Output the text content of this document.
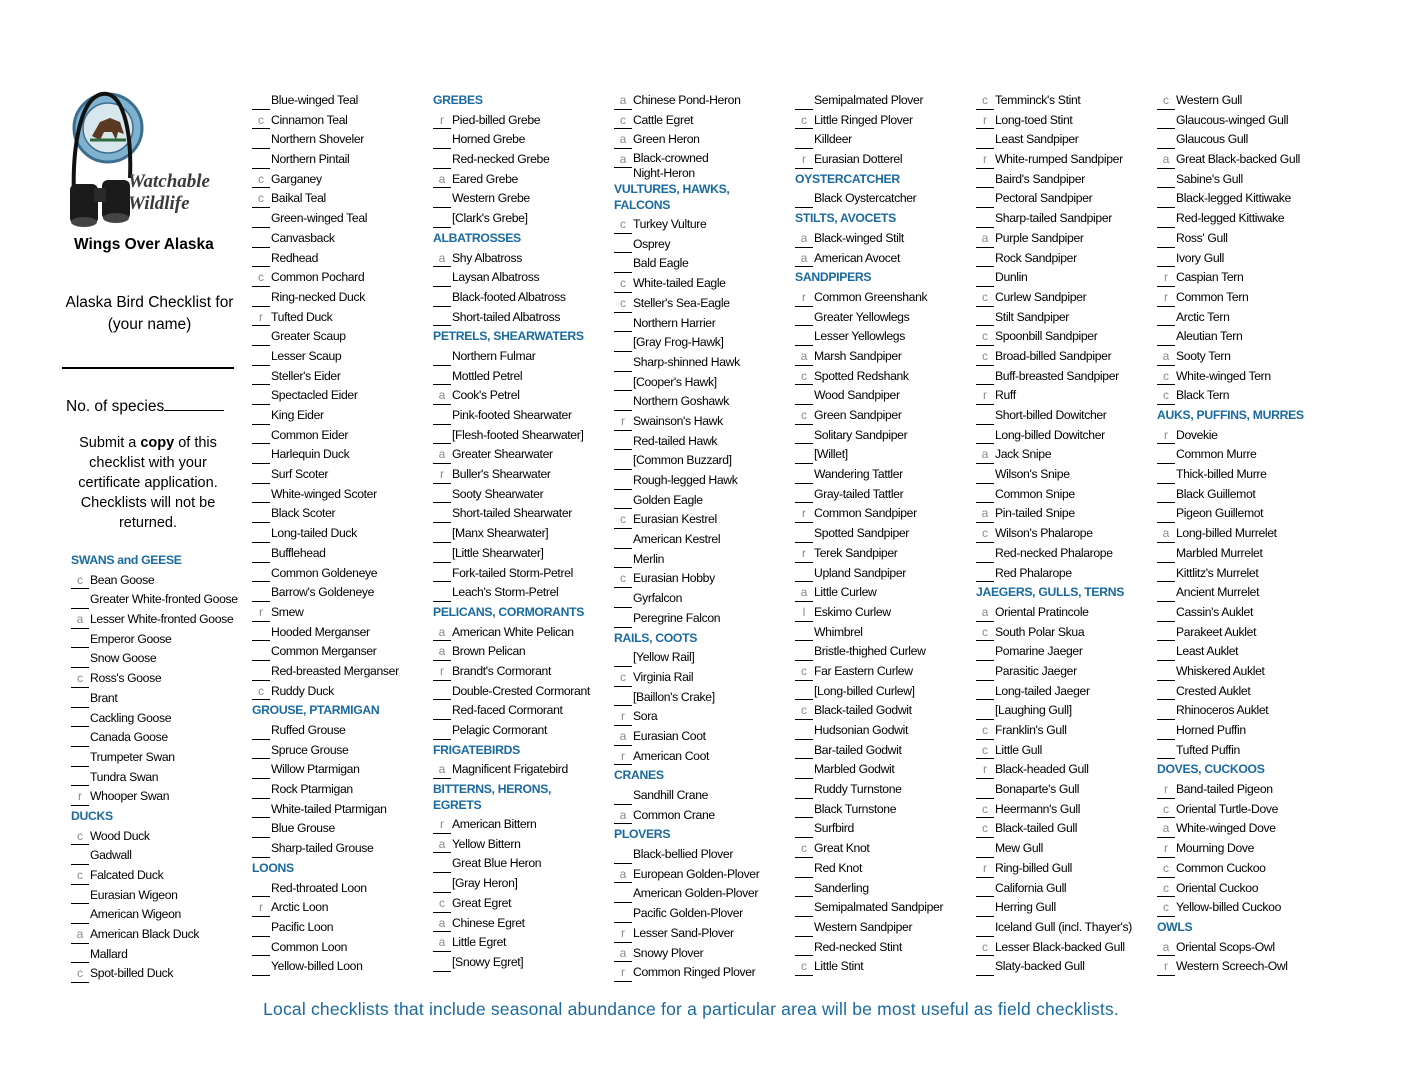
Watchable Wildlife
Wings Over Alaska
Alaska Bird Checklist for (your name)
No. of species
Submit a copy of this checklist with your certificate application. Checklists will not be returned.
SWANS and GEESE
c Bean Goose
Greater White-fronted Goose
a Lesser White-fronted Goose
Emperor Goose
Snow Goose
c Ross's Goose
Brant
Cackling Goose
Canada Goose
Trumpeter Swan
Tundra Swan
r Whooper Swan
DUCKS
c Wood Duck
Gadwall
c Falcated Duck
Eurasian Wigeon
American Wigeon
a American Black Duck
Mallard
c Spot-billed Duck
Blue-winged Teal
c Cinnamon Teal
Northern Shoveler
Northern Pintail
c Garganey
c Baikal Teal
Green-winged Teal
Canvasback
Redhead
c Common Pochard
Ring-necked Duck
r Tufted Duck
Greater Scaup
Lesser Scaup
Steller's Eider
Spectacled Eider
King Eider
Common Eider
Harlequin Duck
Surf Scoter
White-winged Scoter
Black Scoter
Long-tailed Duck
Bufflehead
Common Goldeneye
Barrow's Goldeneye
r Smew
Hooded Merganser
Common Merganser
Red-breasted Merganser
c Ruddy Duck
GROUSE, PTARMIGAN
Ruffed Grouse
Spruce Grouse
Willow Ptarmigan
Rock Ptarmigan
White-tailed Ptarmigan
Blue Grouse
Sharp-tailed Grouse
LOONS
Red-throated Loon
r Arctic Loon
Pacific Loon
Common Loon
Yellow-billed Loon
GREBES
r Pied-billed Grebe
Horned Grebe
Red-necked Grebe
a Eared Grebe
Western Grebe
[Clark's Grebe]
ALBATROSSES
a Shy Albatross
Laysan Albatross
Black-footed Albatross
Short-tailed Albatross
PETRELS, SHEARWATERS
Northern Fulmar
Mottled Petrel
a Cook's Petrel
Pink-footed Shearwater
[Flesh-footed Shearwater]
a Greater Shearwater
r Buller's Shearwater
Sooty Shearwater
Short-tailed Shearwater
[Manx Shearwater]
[Little Shearwater]
Fork-tailed Storm-Petrel
Leach's Storm-Petrel
PELICANS, CORMORANTS
a American White Pelican
a Brown Pelican
r Brandt's Cormorant
Double-Crested Cormorant
Red-faced Cormorant
Pelagic Cormorant
FRIGATEBIRDS
a Magnificent Frigatebird
BITTERNS, HERONS,
EGRETS
r American Bittern
a Yellow Bittern
Great Blue Heron
[Gray Heron]
c Great Egret
a Chinese Egret
a Little Egret
[Snowy Egret]
a Chinese Pond-Heron
c Cattle Egret
a Green Heron
a Black-crowned
Night-Heron
VULTURES, HAWKS,
FALCONS
c Turkey Vulture
Osprey
Bald Eagle
c White-tailed Eagle
c Steller's Sea-Eagle
Northern Harrier
[Gray Frog-Hawk]
Sharp-shinned Hawk
[Cooper's Hawk]
Northern Goshawk
r Swainson's Hawk
Red-tailed Hawk
[Common Buzzard]
Rough-legged Hawk
Golden Eagle
c Eurasian Kestrel
American Kestrel
Merlin
c Eurasian Hobby
Gyrfalcon
Peregrine Falcon
RAILS, COOTS
[Yellow Rail]
c Virginia Rail
[Baillon's Crake]
r Sora
a Eurasian Coot
r American Coot
CRANES
Sandhill Crane
a Common Crane
PLOVERS
Black-bellied Plover
a European Golden-Plover
American Golden-Plover
Pacific Golden-Plover
r Lesser Sand-Plover
a Snowy Plover
r Common Ringed Plover
Semipalmated Plover
c Little Ringed Plover
Killdeer
r Eurasian Dotterel
OYSTERCATCHER
Black Oystercatcher
STILTS, AVOCETS
a Black-winged Stilt
a American Avocet
SANDPIPERS
r Common Greenshank
Greater Yellowlegs
Lesser Yellowlegs
a Marsh Sandpiper
c Spotted Redshank
Wood Sandpiper
c Green Sandpiper
Solitary Sandpiper
[Willet]
Wandering Tattler
Gray-tailed Tattler
r Common Sandpiper
Spotted Sandpiper
r Terek Sandpiper
Upland Sandpiper
a Little Curlew
l Eskimo Curlew
Whimbrel
Bristle-thighed Curlew
c Far Eastern Curlew
[Long-billed Curlew]
c Black-tailed Godwit
Hudsonian Godwit
Bar-tailed Godwit
Marbled Godwit
Ruddy Turnstone
Black Turnstone
Surfbird
c Great Knot
Red Knot
Sanderling
Semipalmated Sandpiper
Western Sandpiper
Red-necked Stint
c Little Stint
c Temminck's Stint
r Long-toed Stint
Least Sandpiper
r White-rumped Sandpiper
Baird's Sandpiper
Pectoral Sandpiper
Sharp-tailed Sandpiper
a Purple Sandpiper
Rock Sandpiper
Dunlin
c Curlew Sandpiper
Stilt Sandpiper
c Spoonbill Sandpiper
c Broad-billed Sandpiper
Buff-breasted Sandpiper
r Ruff
Short-billed Dowitcher
Long-billed Dowitcher
a Jack Snipe
Wilson's Snipe
Common Snipe
a Pin-tailed Snipe
c Wilson's Phalarope
Red-necked Phalarope
Red Phalarope
JAEGERS, GULLS, TERNS
a Oriental Pratincole
c South Polar Skua
Pomarine Jaeger
Parasitic Jaeger
Long-tailed Jaeger
[Laughing Gull]
c Franklin's Gull
c Little Gull
r Black-headed Gull
Bonaparte's Gull
c Heermann's Gull
c Black-tailed Gull
Mew Gull
r Ring-billed Gull
California Gull
Herring Gull
Iceland Gull (incl. Thayer's)
c Lesser Black-backed Gull
Slaty-backed Gull
c Western Gull
Glaucous-winged Gull
Glaucous Gull
a Great Black-backed Gull
Sabine's Gull
Black-legged Kittiwake
Red-legged Kittiwake
Ross' Gull
Ivory Gull
r Caspian Tern
r Common Tern
Arctic Tern
Aleutian Tern
a Sooty Tern
c White-winged Tern
c Black Tern
AUKS, PUFFINS, MURRES
r Dovekie
Common Murre
Thick-billed Murre
Black Guillemot
Pigeon Guillemot
a Long-billed Murrelet
Marbled Murrelet
Kittlitz's Murrelet
Ancient Murrelet
Cassin's Auklet
Parakeet Auklet
Least Auklet
Whiskered Auklet
Crested Auklet
Rhinoceros Auklet
Horned Puffin
Tufted Puffin
DOVES, CUCKOOS
r Band-tailed Pigeon
c Oriental Turtle-Dove
a White-winged Dove
r Mourning Dove
c Common Cuckoo
c Oriental Cuckoo
c Yellow-billed Cuckoo
OWLS
a Oriental Scops-Owl
r Western Screech-Owl
Local checklists that include seasonal abundance for a particular area will be most useful as field checklists.
